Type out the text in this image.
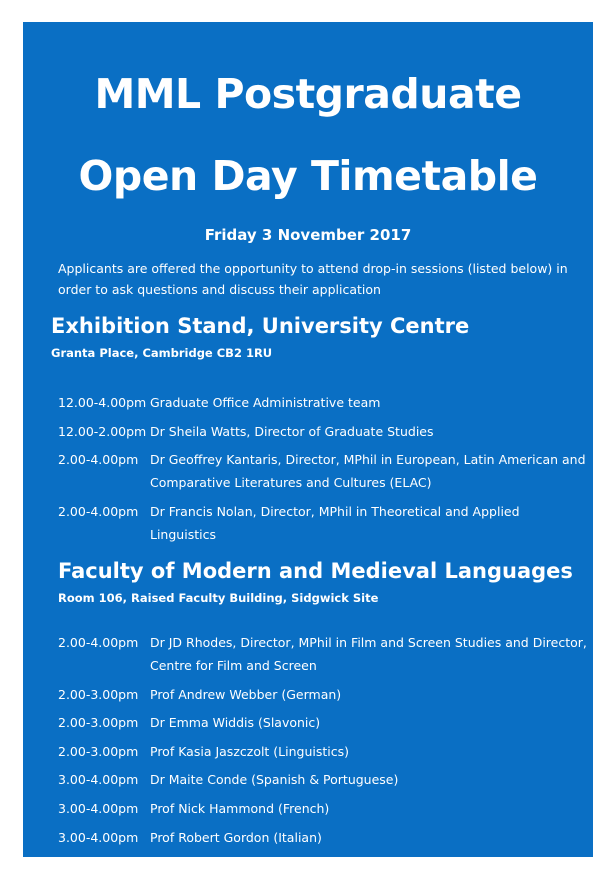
MML Postgraduate
Open Day Timetable
Friday 3 November 2017
Applicants are offered the opportunity to attend drop-in sessions (listed below) in order to ask questions and discuss their application
Exhibition Stand, University Centre
Granta Place, Cambridge CB2 1RU
12.00-4.00pm Graduate Office Administrative team
12.00-2.00pm Dr Sheila Watts, Director of Graduate Studies
2.00-4.00pm Dr Geoffrey Kantaris, Director, MPhil in European, Latin American and Comparative Literatures and Cultures (ELAC)
2.00-4.00pm Dr Francis Nolan, Director, MPhil in Theoretical and Applied Linguistics
Faculty of Modern and Medieval Languages
Room 106, Raised Faculty Building, Sidgwick Site
2.00-4.00pm Dr JD Rhodes, Director, MPhil in Film and Screen Studies and Director, Centre for Film and Screen
2.00-3.00pm Prof Andrew Webber (German)
2.00-3.00pm Dr Emma Widdis (Slavonic)
2.00-3.00pm Prof Kasia Jaszczolt (Linguistics)
3.00-4.00pm Dr Maite Conde (Spanish & Portuguese)
3.00-4.00pm Prof Nick Hammond (French)
3.00-4.00pm Prof Robert Gordon (Italian)
